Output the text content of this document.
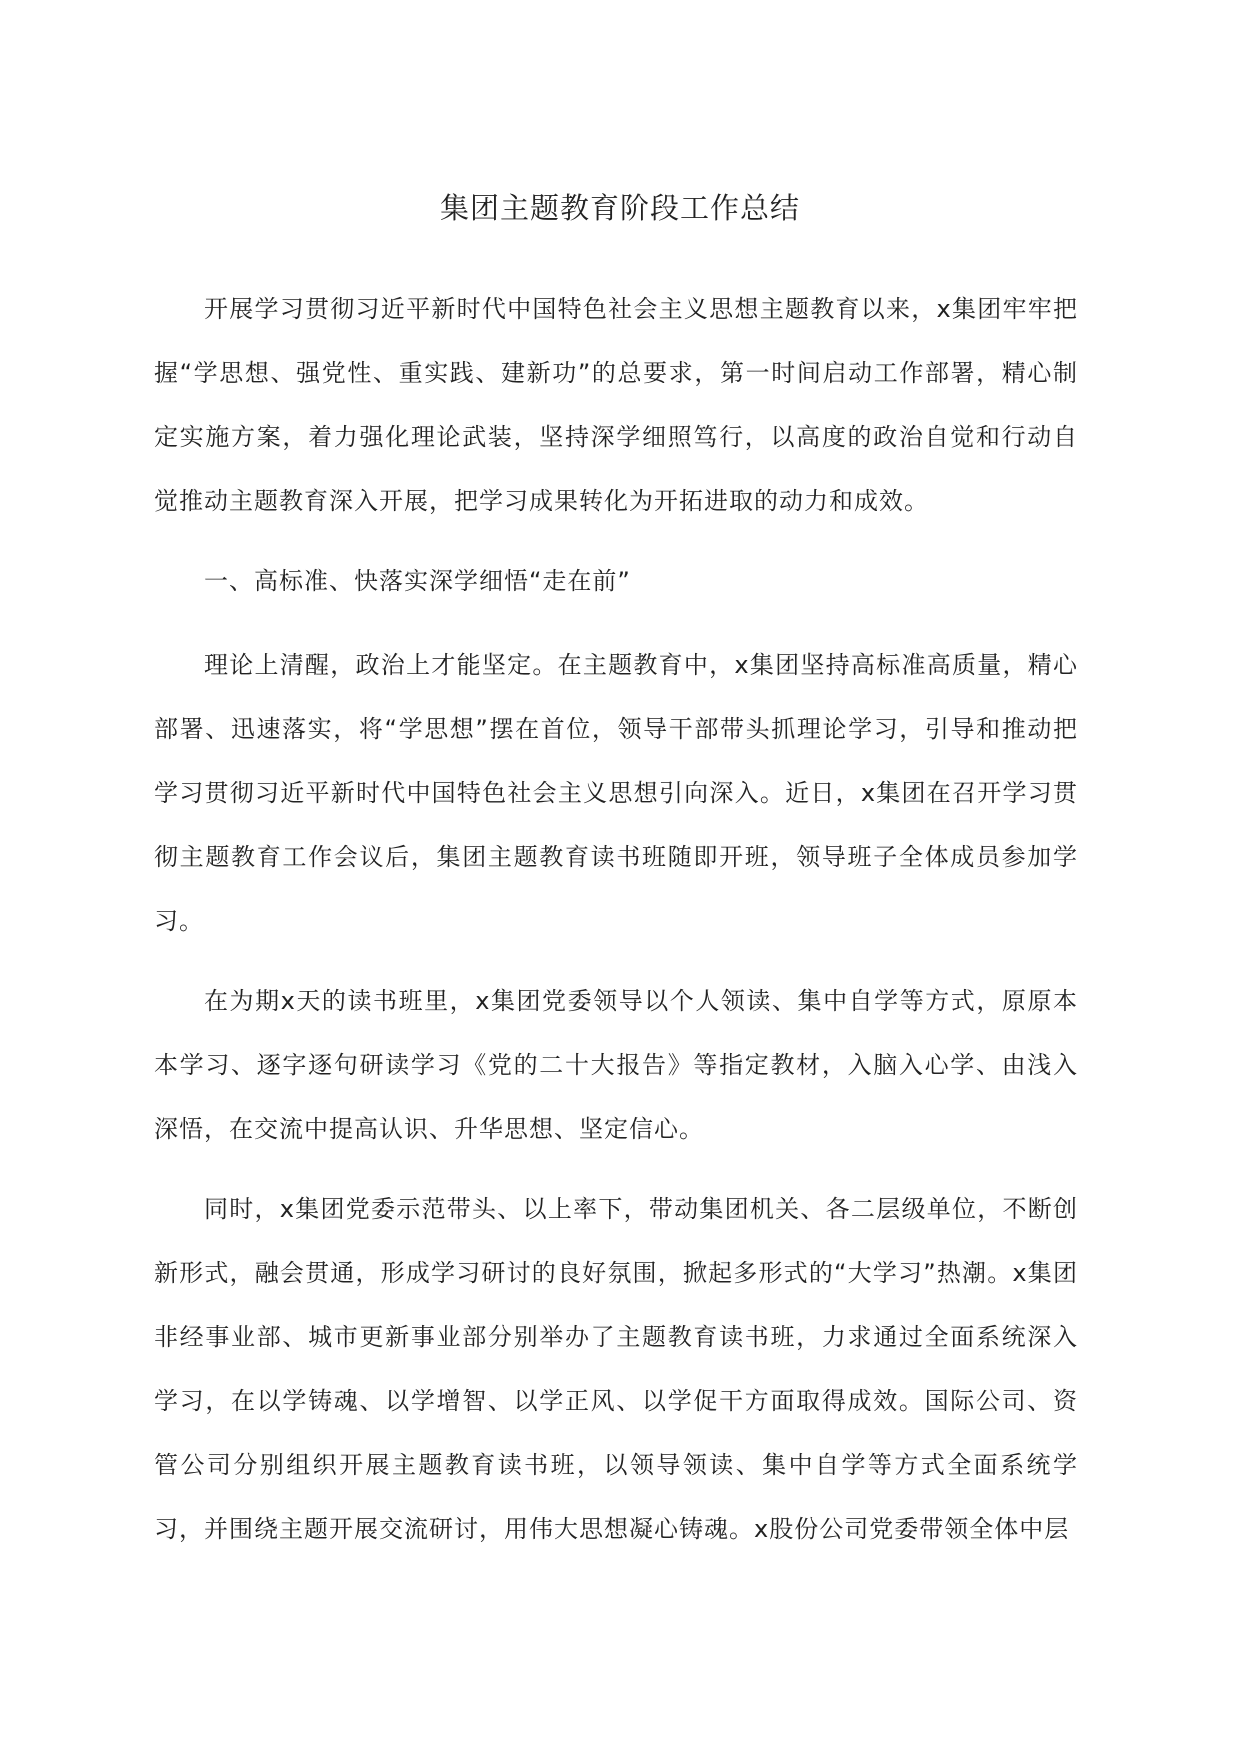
集团主题教育阶段工作总结

开展学习贯彻习近平新时代中国特色社会主义思想主题教育以来，x集团牢牢把握“学思想、强党性、重实践、建新功”的总要求，第一时间启动工作部署，精心制定实施方案，着力强化理论武装，坚持深学细照笃行，以高度的政治自觉和行动自觉推动主题教育深入开展，把学习成果转化为开拓进取的动力和成效。

一、高标准、快落实深学细悟“走在前”

理论上清醒，政治上才能坚定。在主题教育中，x集团坚持高标准高质量，精心部署、迅速落实，将“学思想”摆在首位，领导干部带头抓理论学习，引导和推动把学习贯彻习近平新时代中国特色社会主义思想引向深入。近日，x集团在召开学习贯彻主题教育工作会议后，集团主题教育读书班随即开班，领导班子全体成员参加学习。

在为期x天的读书班里，x集团党委领导以个人领读、集中自学等方式，原原本本学习、逐字逐句研读学习《党的二十大报告》等指定教材，入脑入心学、由浅入深悟，在交流中提高认识、升华思想、坚定信心。

同时，x集团党委示范带头、以上率下，带动集团机关、各二层级单位，不断创新形式，融会贯通，形成学习研讨的良好氛围，掀起多形式的“大学习”热潮。x集团非经事业部、城市更新事业部分别举办了主题教育读书班，力求通过全面系统深入学习，在以学铸魂、以学增智、以学正风、以学促干方面取得成效。国际公司、资管公司分别组织开展主题教育读书班，以领导领读、集中自学等方式全面系统学习，并围绕主题开展交流研讨，用伟大思想凝心铸魂。x股份公司党委带领全体中层
